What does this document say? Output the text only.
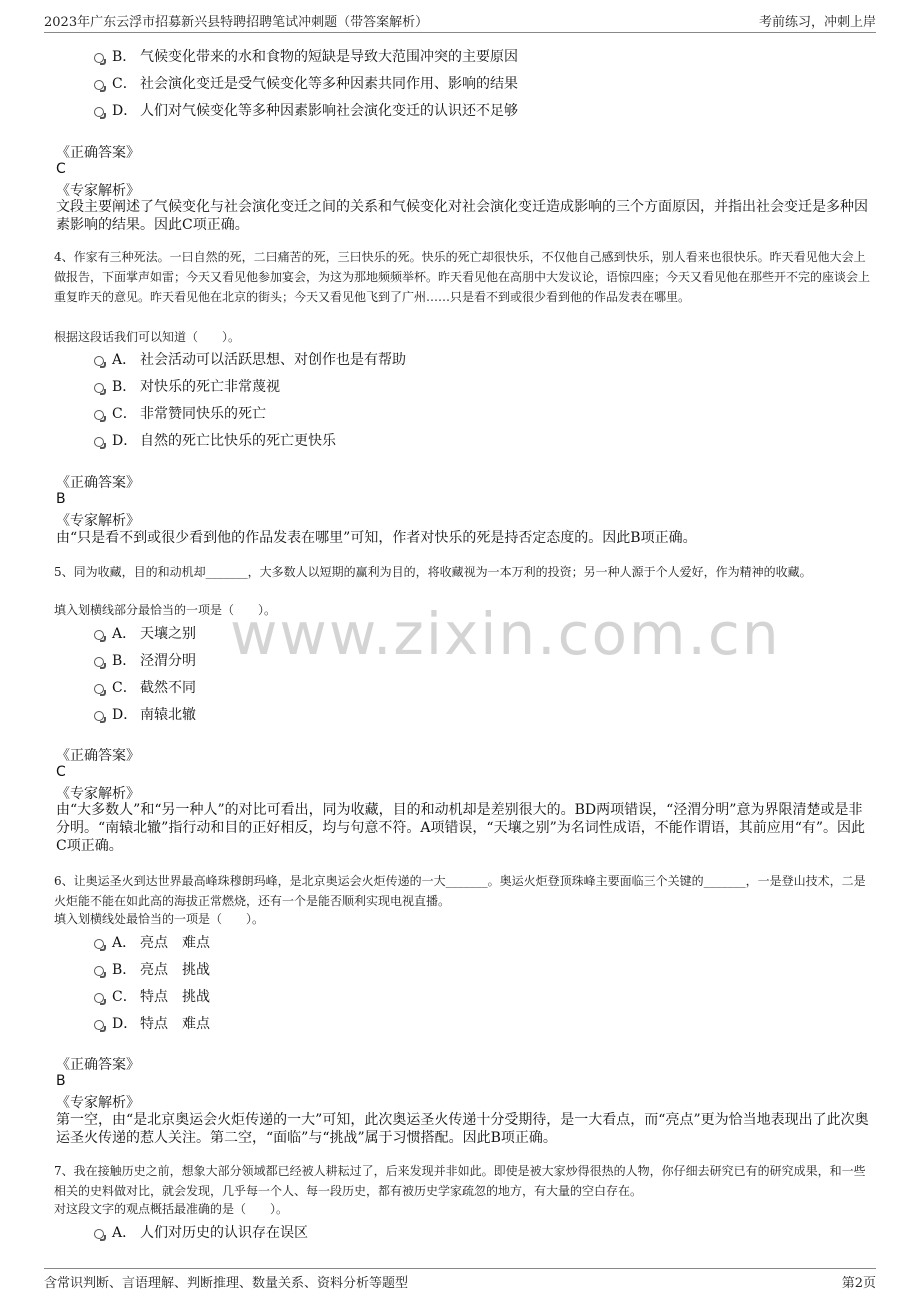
2023年广东云浮市招募新兴县特聘招聘笔试冲刺题（带答案解析）	考前练习，冲刺上岸
www.zixin.com.cn
B． 气候变化带来的水和食物的短缺是导致大范围冲突的主要原因
C． 社会演化变迁是受气候变化等多种因素共同作用、影响的结果
D． 人们对气候变化等多种因素影响社会演化变迁的认识还不足够
《正确答案》
C
《专家解析》
文段主要阐述了气候变化与社会演化变迁之间的关系和气候变化对社会演化变迁造成影响的三个方面原因，并指出社会变迁是多种因素影响的结果。因此C项正确。
4、作家有三种死法。一曰自然的死，二曰痛苦的死，三曰快乐的死。快乐的死亡却很快乐，不仅他自己感到快乐，别人看来也很快乐。昨天看见他大会上做报告，下面掌声如雷；今天又看见他参加宴会，为这为那地频频举杯。昨天看见他在高朋中大发议论，语惊四座；今天又看见他在那些开不完的座谈会上重复昨天的意见。昨天看见他在北京的街头；今天又看见他飞到了广州……只是看不到或很少看到他的作品发表在哪里。
根据这段话我们可以知道（　　）。
A． 社会活动可以活跃思想、对创作也是有帮助
B． 对快乐的死亡非常蔑视
C． 非常赞同快乐的死亡
D． 自然的死亡比快乐的死亡更快乐
《正确答案》
B
《专家解析》
由“只是看不到或很少看到他的作品发表在哪里”可知，作者对快乐的死是持否定态度的。因此B项正确。
5、同为收藏，目的和动机却_______，大多数人以短期的赢利为目的，将收藏视为一本万利的投资；另一种人源于个人爱好，作为精神的收藏。
填入划横线部分最恰当的一项是（　　）。
A． 天壤之别
B． 泾渭分明
C． 截然不同
D． 南辕北辙
《正确答案》
C
《专家解析》
由“大多数人”和“另一种人”的对比可看出，同为收藏，目的和动机却是差别很大的。BD两项错误，“泾渭分明”意为界限清楚或是非分明。“南辕北辙”指行动和目的正好相反，均与句意不符。A项错误，“天壤之别”为名词性成语，不能作谓语，其前应用“有”。因此C项正确。
6、让奥运圣火到达世界最高峰珠穆朗玛峰，是北京奥运会火炬传递的一大_______。奥运火炬登顶珠峰主要面临三个关键的_______，一是登山技术，二是火炬能不能在如此高的海拔正常燃烧，还有一个是能否顺利实现电视直播。
填入划横线处最恰当的一项是（　　）。
A． 亮点　难点
B． 亮点　挑战
C． 特点　挑战
D． 特点　难点
《正确答案》
B
《专家解析》
第一空，由“是北京奥运会火炬传递的一大”可知，此次奥运圣火传递十分受期待，是一大看点，而“亮点”更为恰当地表现出了此次奥运圣火传递的惹人关注。第二空，“面临”与“挑战”属于习惯搭配。因此B项正确。
7、我在接触历史之前，想象大部分领域都已经被人耕耘过了，后来发现并非如此。即使是被大家炒得很热的人物，你仔细去研究已有的研究成果，和一些相关的史料做对比，就会发现，几乎每一个人、每一段历史，都有被历史学家疏忽的地方，有大量的空白存在。
对这段文字的观点概括最准确的是（　　）。
A． 人们对历史的认识存在误区
含常识判断、言语理解、判断推理、数量关系、资料分析等题型	第2页
